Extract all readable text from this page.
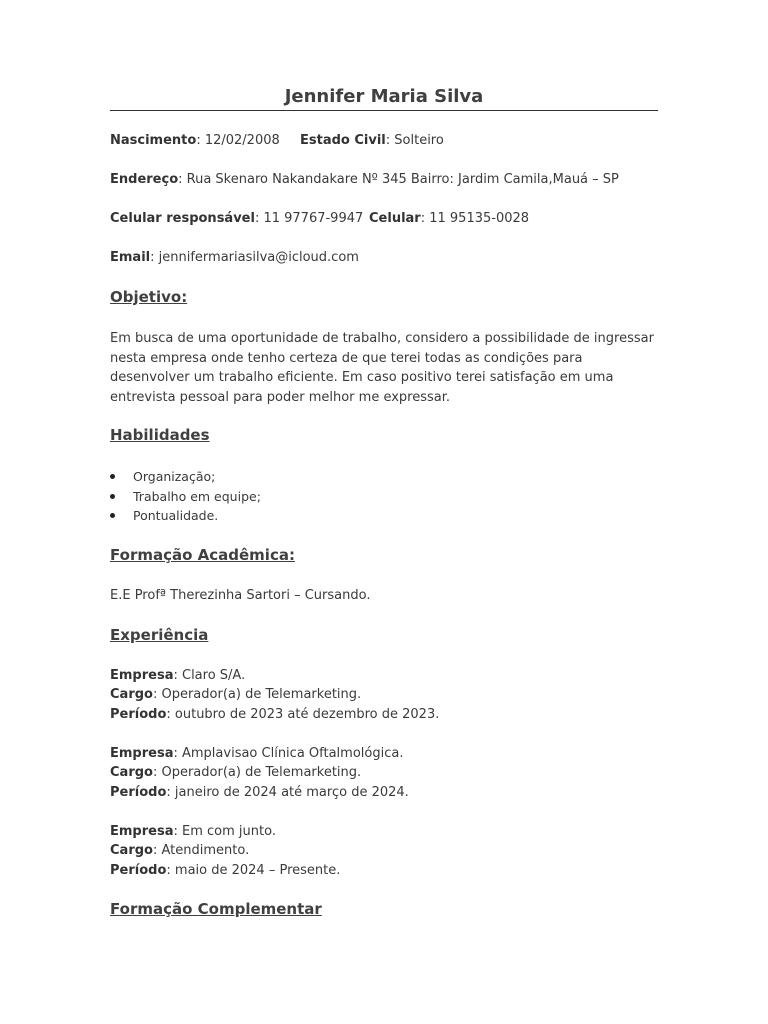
Jennifer Maria Silva
Nascimento: 12/02/2008 Estado Civil: Solteiro
Endereço: Rua Skenaro Nakandakare Nº 345 Bairro: Jardim Camila,Mauá – SP
Celular responsável: 11 97767-9947 Celular: 11 95135-0028
Email: jennifermariasilva@icloud.com
Objetivo:
Em busca de uma oportunidade de trabalho, considero a possibilidade de ingressar nesta empresa onde tenho certeza de que terei todas as condições para desenvolver um trabalho eficiente. Em caso positivo terei satisfação em uma entrevista pessoal para poder melhor me expressar.
Habilidades
Organização;
Trabalho em equipe;
Pontualidade.
Formação Acadêmica:
E.E Profª Therezinha Sartori – Cursando.
Experiência
Empresa: Claro S/A.
Cargo: Operador(a) de Telemarketing.
Período: outubro de 2023 até dezembro de 2023.
Empresa: Amplavisao Clínica Oftalmológica.
Cargo: Operador(a) de Telemarketing.
Período: janeiro de 2024 até março de 2024.
Empresa: Em com junto.
Cargo: Atendimento.
Período: maio de 2024 – Presente.
Formação Complementar
